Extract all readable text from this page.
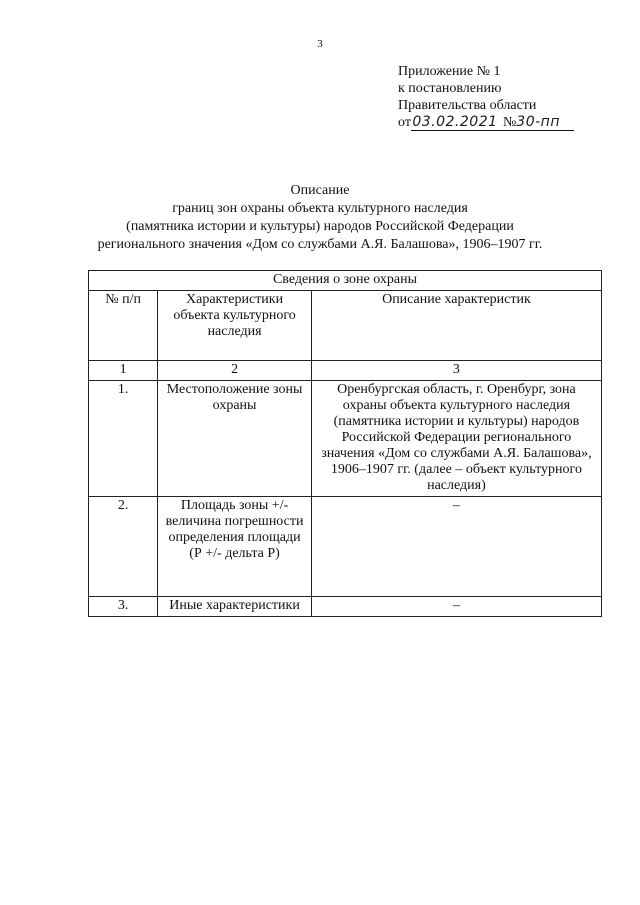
3
Приложение № 1
к постановлению
Правительства области
от03.02.2021 №30-пп
Описание
границ зон охраны объекта культурного наследия
(памятника истории и культуры) народов Российской Федерации
регионального значения «Дом со службами А.Я. Балашова», 1906–1907 гг.
Сведения о зоне охраны		
№ п/п	Характеристики объекта культурного наследия	Описание характеристик
1	2	3
1.	Местоположение зоны охраны	Оренбургская область, г. Оренбург, зона охраны объекта культурного наследия (памятника истории и культуры) народов Российской Федерации регионального значения «Дом со службами А.Я. Балашова», 1906–1907 гг. (далее – объект культурного наследия)
2.	Площадь зоны +/- величина погрешности определения площади (Р +/- дельта Р)	–
3.	Иные характеристики	–
